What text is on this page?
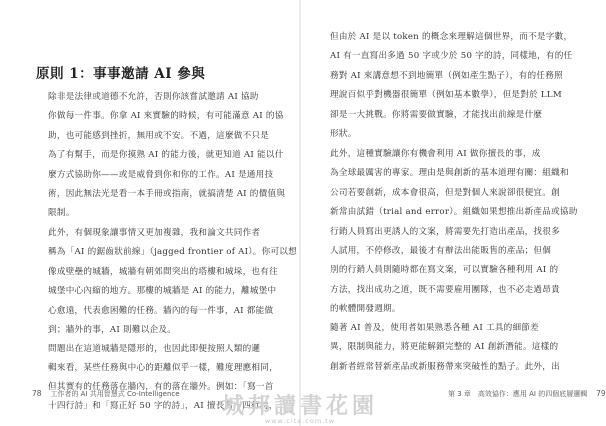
原則 1：事事邀請 AI 參與

除非是法律或道德不允許，否則你該嘗試邀請 AI 協助
你做每一件事。你拿 AI 來實驗的時候，有可能滿意 AI 的協
助，也可能感到挫折，無用或不安。不過，這麼做不只是
為了有幫手，而是你摸熟 AI 的能力後，就更知道 AI 能以什
麼方式協助你——或是威脅到你和你的工作。AI 是通用技
術，因此無法光是看一本手冊或指南，就搞清楚 AI 的價值與
限制。

此外，有個現象讓事情又更加複雜，我和論文共同作者
稱為「AI 的鋸齒狀前線」（jagged frontier of AI）。你可以想
像成壁壘的城牆，城牆有朝郊間突出的塔樓和城垛，也有往
城堡中心內縮的地方。那樓的城牆是 AI 的能力，離城堡中
心愈遠，代表愈困難的任務。牆內的每一件事，AI 都能做
到；牆外的事，AI 則難以企及。

問題出在這道城牆是隱形的，也因此即便按照人類的邏
輯來看，某些任務與中心的距離似乎一樣，難度理應相同，

但其實有的任務落在牆內，有的落在牆外。例如：「寫一首
十四行詩」和「寫正好 50 字的詩」，AI 擅長寫十四行詩，

78 工作者的 AI 共用智慧式 Co-Intelligence

但由於 AI 是以 token 的概念來理解這個世界，而不是字數，
AI 有一直寫出多過 50 字或少於 50 字的詩，同樣地，有的任
務對 AI 來講意想不到地簡單（例如產生點子），有的任務照
理說百似乎對機器很簡單（例如基本數學），但是對於 LLM
卻是一大挑戰。你將需要做實驗，才能找出前線是什麼
形狀。

此外，這種實驗讓你有機會利用 AI 做你擅長的事，成
為全球最厲害的專家。理由是與創新的基本道理有關：組織和
公司若要創新，成本會很高，但是對個人來說卻很便宜。創
新常由試錯（trial and error）。組織如果想推出新產品或協助
行銷人員寫出更誘人的文案，將需要先打造出產品，找很多
人試用，不停修改，最後才有辦法出能販售的產品；但個
別的行銷人員則隨時都在寫文案，可以實驗各種利用 AI 的
方法，找出成功之道，既不需要雇用團隊，也不必走過昂貴
的軟體開發週期。

隨著 AI 普及，使用者如果熟悉各種 AI 工具的細節差
異，限制與能力，將更能解鎖完整的 AI 創新潛能。這樣的
創新者經常替新產品或新服務帶來突破性的點子。此外，出

第 3 章　高效協作：應用 AI 的四個底層邏輯 79
城邦讀書花園
www.cite.com.tw
